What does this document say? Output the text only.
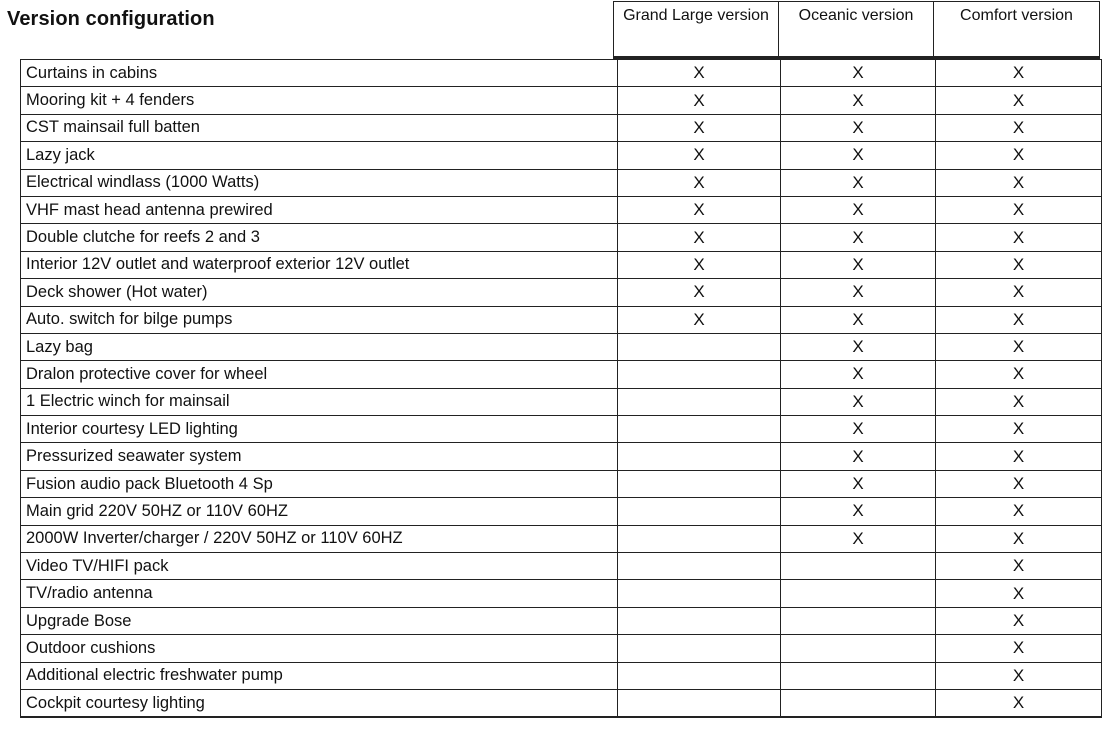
Version configuration	Grand Large version	Oceanic version	Comfort version
Curtains in cabins	X	X	X
Mooring kit + 4 fenders	X	X	X
CST mainsail full batten	X	X	X
Lazy jack	X	X	X
Electrical windlass (1000 Watts)	X	X	X
VHF mast head antenna prewired	X	X	X
Double clutche for reefs 2 and 3	X	X	X
Interior 12V outlet and waterproof exterior 12V outlet	X	X	X
Deck shower (Hot water)	X	X	X
Auto. switch for bilge pumps	X	X	X
Lazy bag		X	X
Dralon protective cover for wheel		X	X
1 Electric winch for mainsail		X	X
Interior courtesy LED lighting		X	X
Pressurized seawater system		X	X
Fusion audio pack Bluetooth 4 Sp		X	X
Main grid 220V 50HZ or 110V 60HZ		X	X
2000W Inverter/charger / 220V 50HZ or 110V 60HZ		X	X
Video TV/HIFI pack			X
TV/radio antenna			X
Upgrade Bose			X
Outdoor cushions			X
Additional electric freshwater pump			X
Cockpit courtesy lighting			X
